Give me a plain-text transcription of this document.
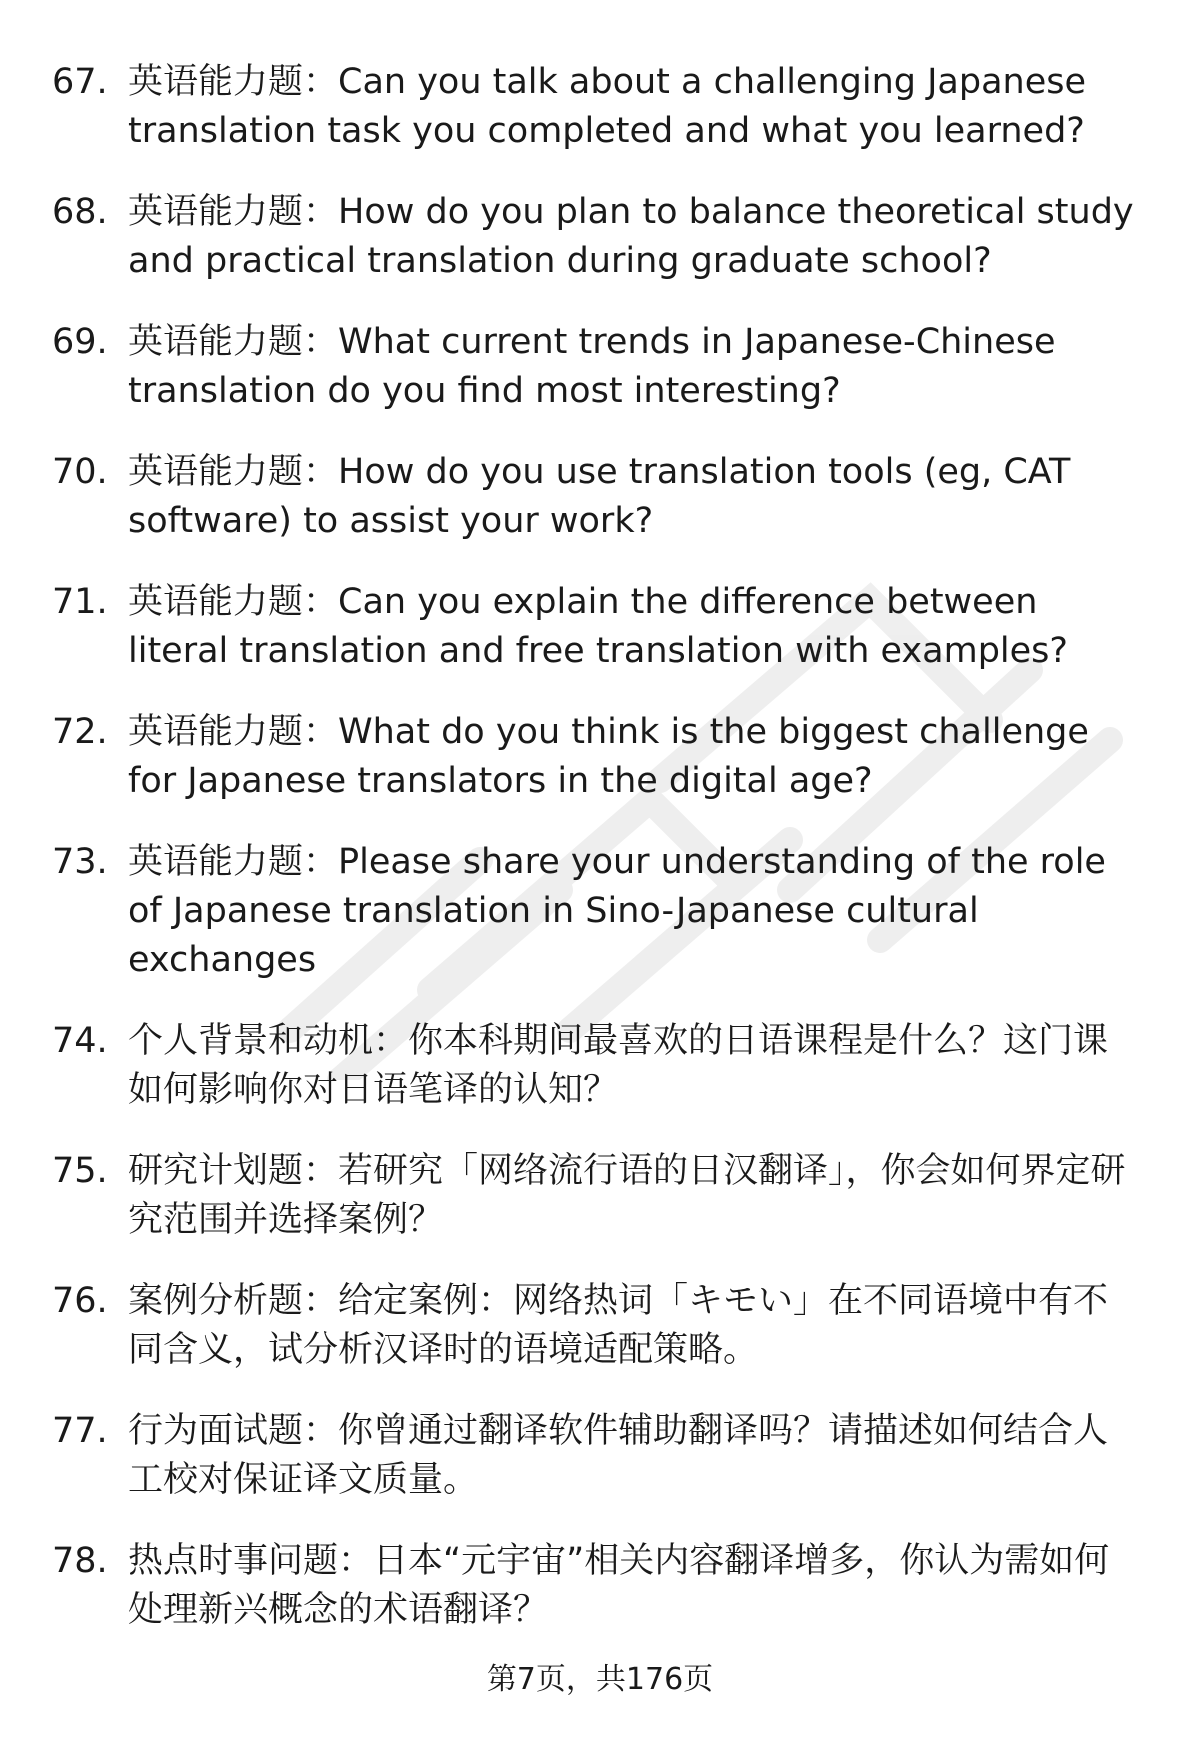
67. 英语能力题：Can you talk about a challenging Japanese translation task you completed and what you learned?
68. 英语能力题：How do you plan to balance theoretical study and practical translation during graduate school?
69. 英语能力题：What current trends in Japanese-Chinese translation do you find most interesting?
70. 英语能力题：How do you use translation tools (eg, CAT software) to assist your work?
71. 英语能力题：Can you explain the difference between literal translation and free translation with examples?
72. 英语能力题：What do you think is the biggest challenge for Japanese translators in the digital age?
73. 英语能力题：Please share your understanding of the role of Japanese translation in Sino-Japanese cultural exchanges
74. 个人背景和动机：你本科期间最喜欢的日语课程是什么？这门课如何影响你对日语笔译的认知？
75. 研究计划题：若研究「网络流行语的日汉翻译」，你会如何界定研究范围并选择案例？
76. 案例分析题：给定案例：网络热词「キモい」在不同语境中有不同含义，试分析汉译时的语境适配策略。
77. 行为面试题：你曾通过翻译软件辅助翻译吗？请描述如何结合人工校对保证译文质量。
78. 热点时事问题：日本“元宇宙”相关内容翻译增多，你认为需如何处理新兴概念的术语翻译？
第7页，共176页
